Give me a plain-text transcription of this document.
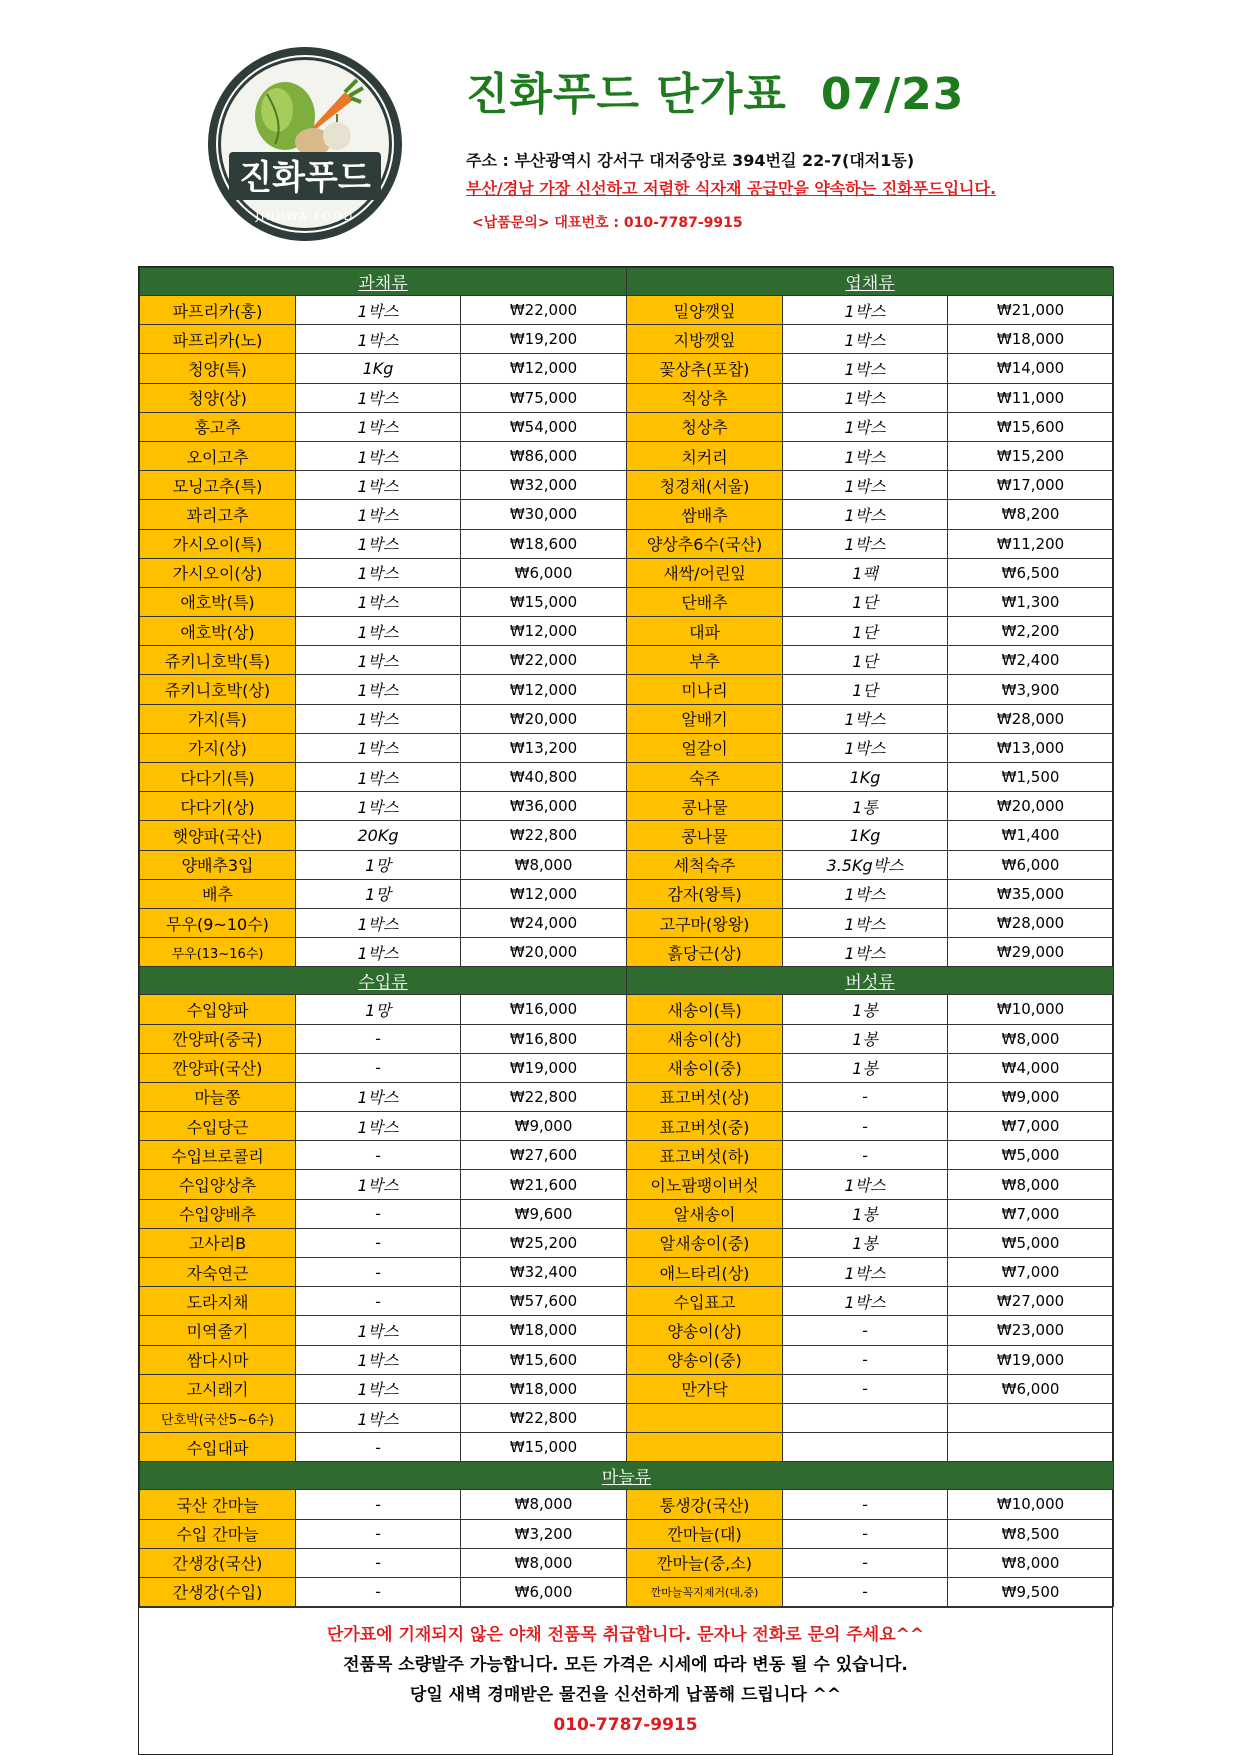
진화푸드
JINHWA FOOD
진화푸드 단가표 07/23
주소 : 부산광역시 강서구 대저중앙로 394번길 22-7(대저1동)
부산/경남 가장 신선하고 저렴한 식자재 공급만을 약속하는 진화푸드입니다.
<납품문의> 대표번호 : 010-7787-9915
과채류			엽채류		
파프리카(홍)	1박스	₩22,000	밀양깻잎	1박스	₩21,000
파프리카(노)	1박스	₩19,200	지방깻잎	1박스	₩18,000
청양(특)	1Kg	₩12,000	꽃상추(포찹)	1박스	₩14,000
청양(상)	1박스	₩75,000	적상추	1박스	₩11,000
홍고추	1박스	₩54,000	청상추	1박스	₩15,600
오이고추	1박스	₩86,000	치커리	1박스	₩15,200
모닝고추(특)	1박스	₩32,000	청경채(서울)	1박스	₩17,000
꽈리고추	1박스	₩30,000	쌈배추	1박스	₩8,200
가시오이(특)	1박스	₩18,600	양상추6수(국산)	1박스	₩11,200
가시오이(상)	1박스	₩6,000	새싹/어린잎	1팩	₩6,500
애호박(특)	1박스	₩15,000	단배추	1단	₩1,300
애호박(상)	1박스	₩12,000	대파	1단	₩2,200
쥬키니호박(특)	1박스	₩22,000	부추	1단	₩2,400
쥬키니호박(상)	1박스	₩12,000	미나리	1단	₩3,900
가지(특)	1박스	₩20,000	알배기	1박스	₩28,000
가지(상)	1박스	₩13,200	얼갈이	1박스	₩13,000
다다기(특)	1박스	₩40,800	숙주	1Kg	₩1,500
다다기(상)	1박스	₩36,000	콩나물	1통	₩20,000
햇양파(국산)	20Kg	₩22,800	콩나물	1Kg	₩1,400
양배추3입	1망	₩8,000	세척숙주	3.5Kg박스	₩6,000
배추	1망	₩12,000	감자(왕특)	1박스	₩35,000
무우(9~10수)	1박스	₩24,000	고구마(왕왕)	1박스	₩28,000
무우(13~16수)	1박스	₩20,000	흙당근(상)	1박스	₩29,000
수입류			버섯류		
수입양파	1망	₩16,000	새송이(특)	1봉	₩10,000
깐양파(중국)	-	₩16,800	새송이(상)	1봉	₩8,000
깐양파(국산)	-	₩19,000	새송이(중)	1봉	₩4,000
마늘쫑	1박스	₩22,800	표고버섯(상)	-	₩9,000
수입당근	1박스	₩9,000	표고버섯(중)	-	₩7,000
수입브로콜리	-	₩27,600	표고버섯(하)	-	₩5,000
수입양상추	1박스	₩21,600	이노팜팽이버섯	1박스	₩8,000
수입양배추	-	₩9,600	알새송이	1봉	₩7,000
고사리B	-	₩25,200	알새송이(중)	1봉	₩5,000
자숙연근	-	₩32,400	애느타리(상)	1박스	₩7,000
도라지채	-	₩57,600	수입표고	1박스	₩27,000
미역줄기	1박스	₩18,000	양송이(상)	-	₩23,000
쌈다시마	1박스	₩15,600	양송이(중)	-	₩19,000
고시래기	1박스	₩18,000	만가닥	-	₩6,000
단호박(국산5~6수)	1박스	₩22,800			
수입대파	-	₩15,000			
마늘류					
국산 간마늘	-	₩8,000	통생강(국산)	-	₩10,000
수입 간마늘	-	₩3,200	깐마늘(대)	-	₩8,500
간생강(국산)	-	₩8,000	깐마늘(중,소)	-	₩8,000
간생강(수입)	-	₩6,000	깐마늘꼭지제거(대,중)	-	₩9,500
단가표에 기재되지 않은 야채 전품목 취급합니다. 문자나 전화로 문의 주세요^^
전품목 소량발주 가능합니다. 모든 가격은 시세에 따라 변동 될 수 있습니다.
당일 새벽 경매받은 물건을 신선하게 납품해 드립니다 ^^
010-7787-9915
